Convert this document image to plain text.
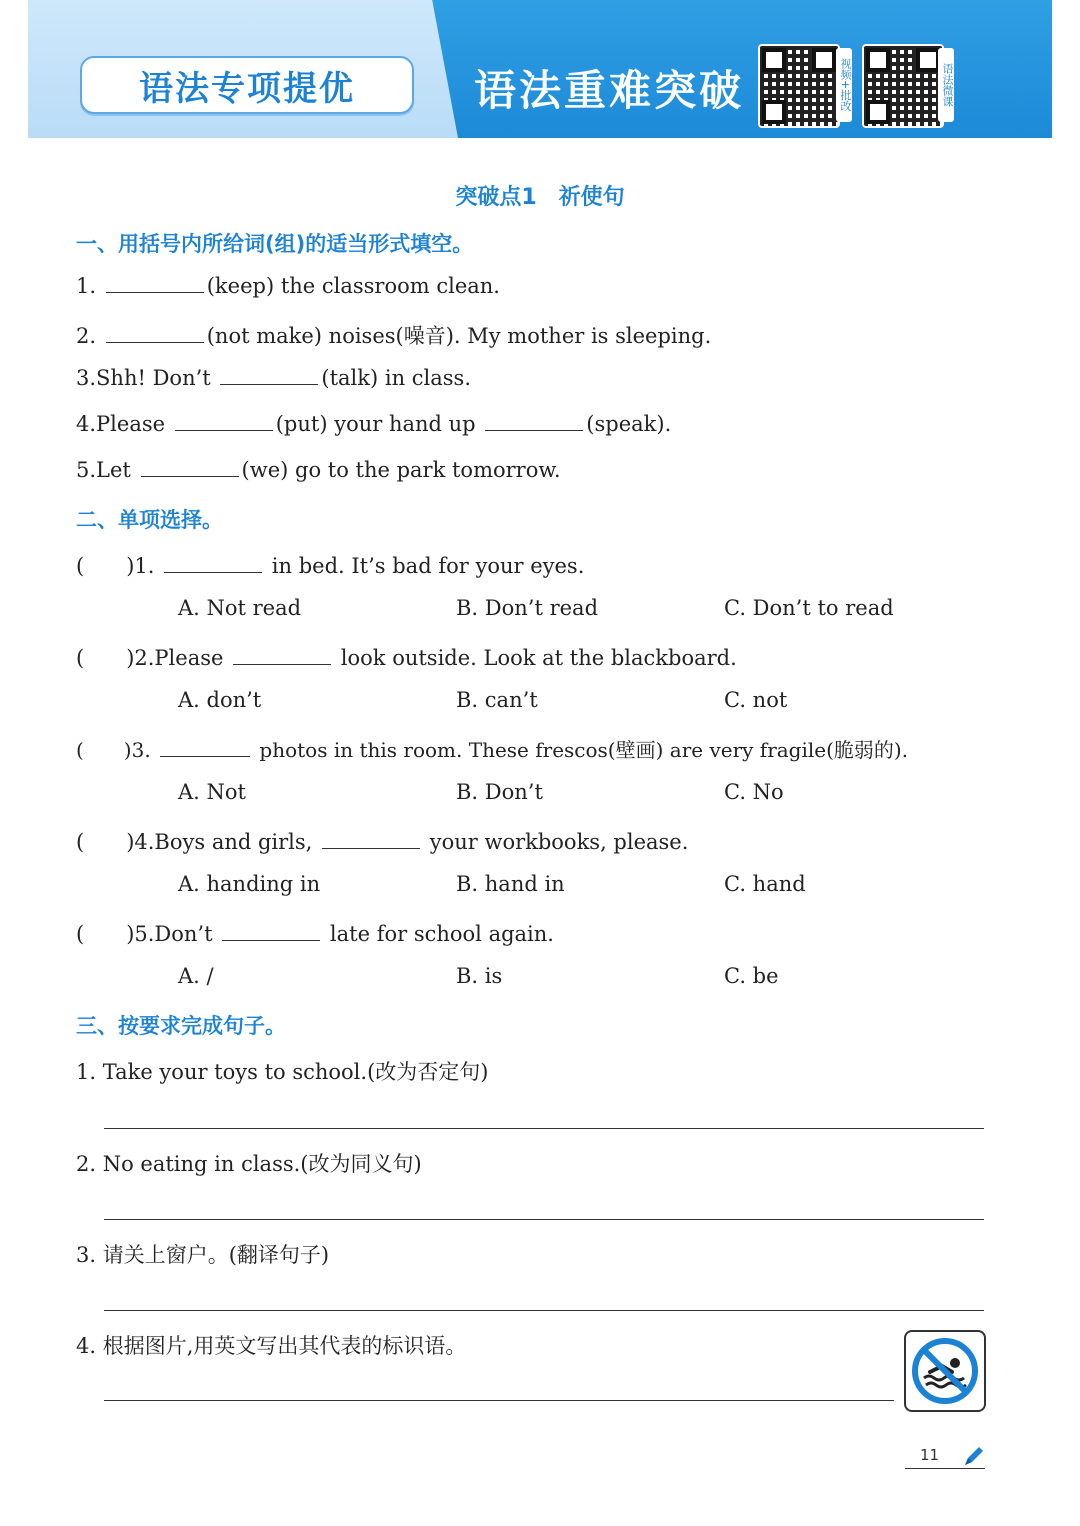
语法专项提优	语法重难突破	视频+批改	语法微课
突破点1　祈使句
一、用括号内所给词(组)的适当形式填空。
1.	(keep) the classroom clean.
2.	(not make) noises(噪音). My mother is sleeping.
3.Shh! Don’t	(talk) in class.
4.Please	(put) your hand up	(speak).
5.Let	(we) go to the park tomorrow.
二、单项选择。
(　　)1.	in bed. It’s bad for your eyes.
A. Not read	B. Don’t read	C. Don’t to read
(　　)2.Please	look outside. Look at the blackboard.
A. don’t	B. can’t	C. not
(　　)3.	photos in this room. These frescos(壁画) are very fragile(脆弱的).
A. Not	B. Don’t	C. No
(　　)4.Boys and girls,	your workbooks, please.
A. handing in	B. hand in	C. hand
(　　)5.Don’t	late for school again.
A. /	B. is	C. be
三、按要求完成句子。
1. Take your toys to school.(改为否定句)
2. No eating in class.(改为同义句)
3. 请关上窗户。(翻译句子)
4. 根据图片,用英文写出其代表的标识语。
11
